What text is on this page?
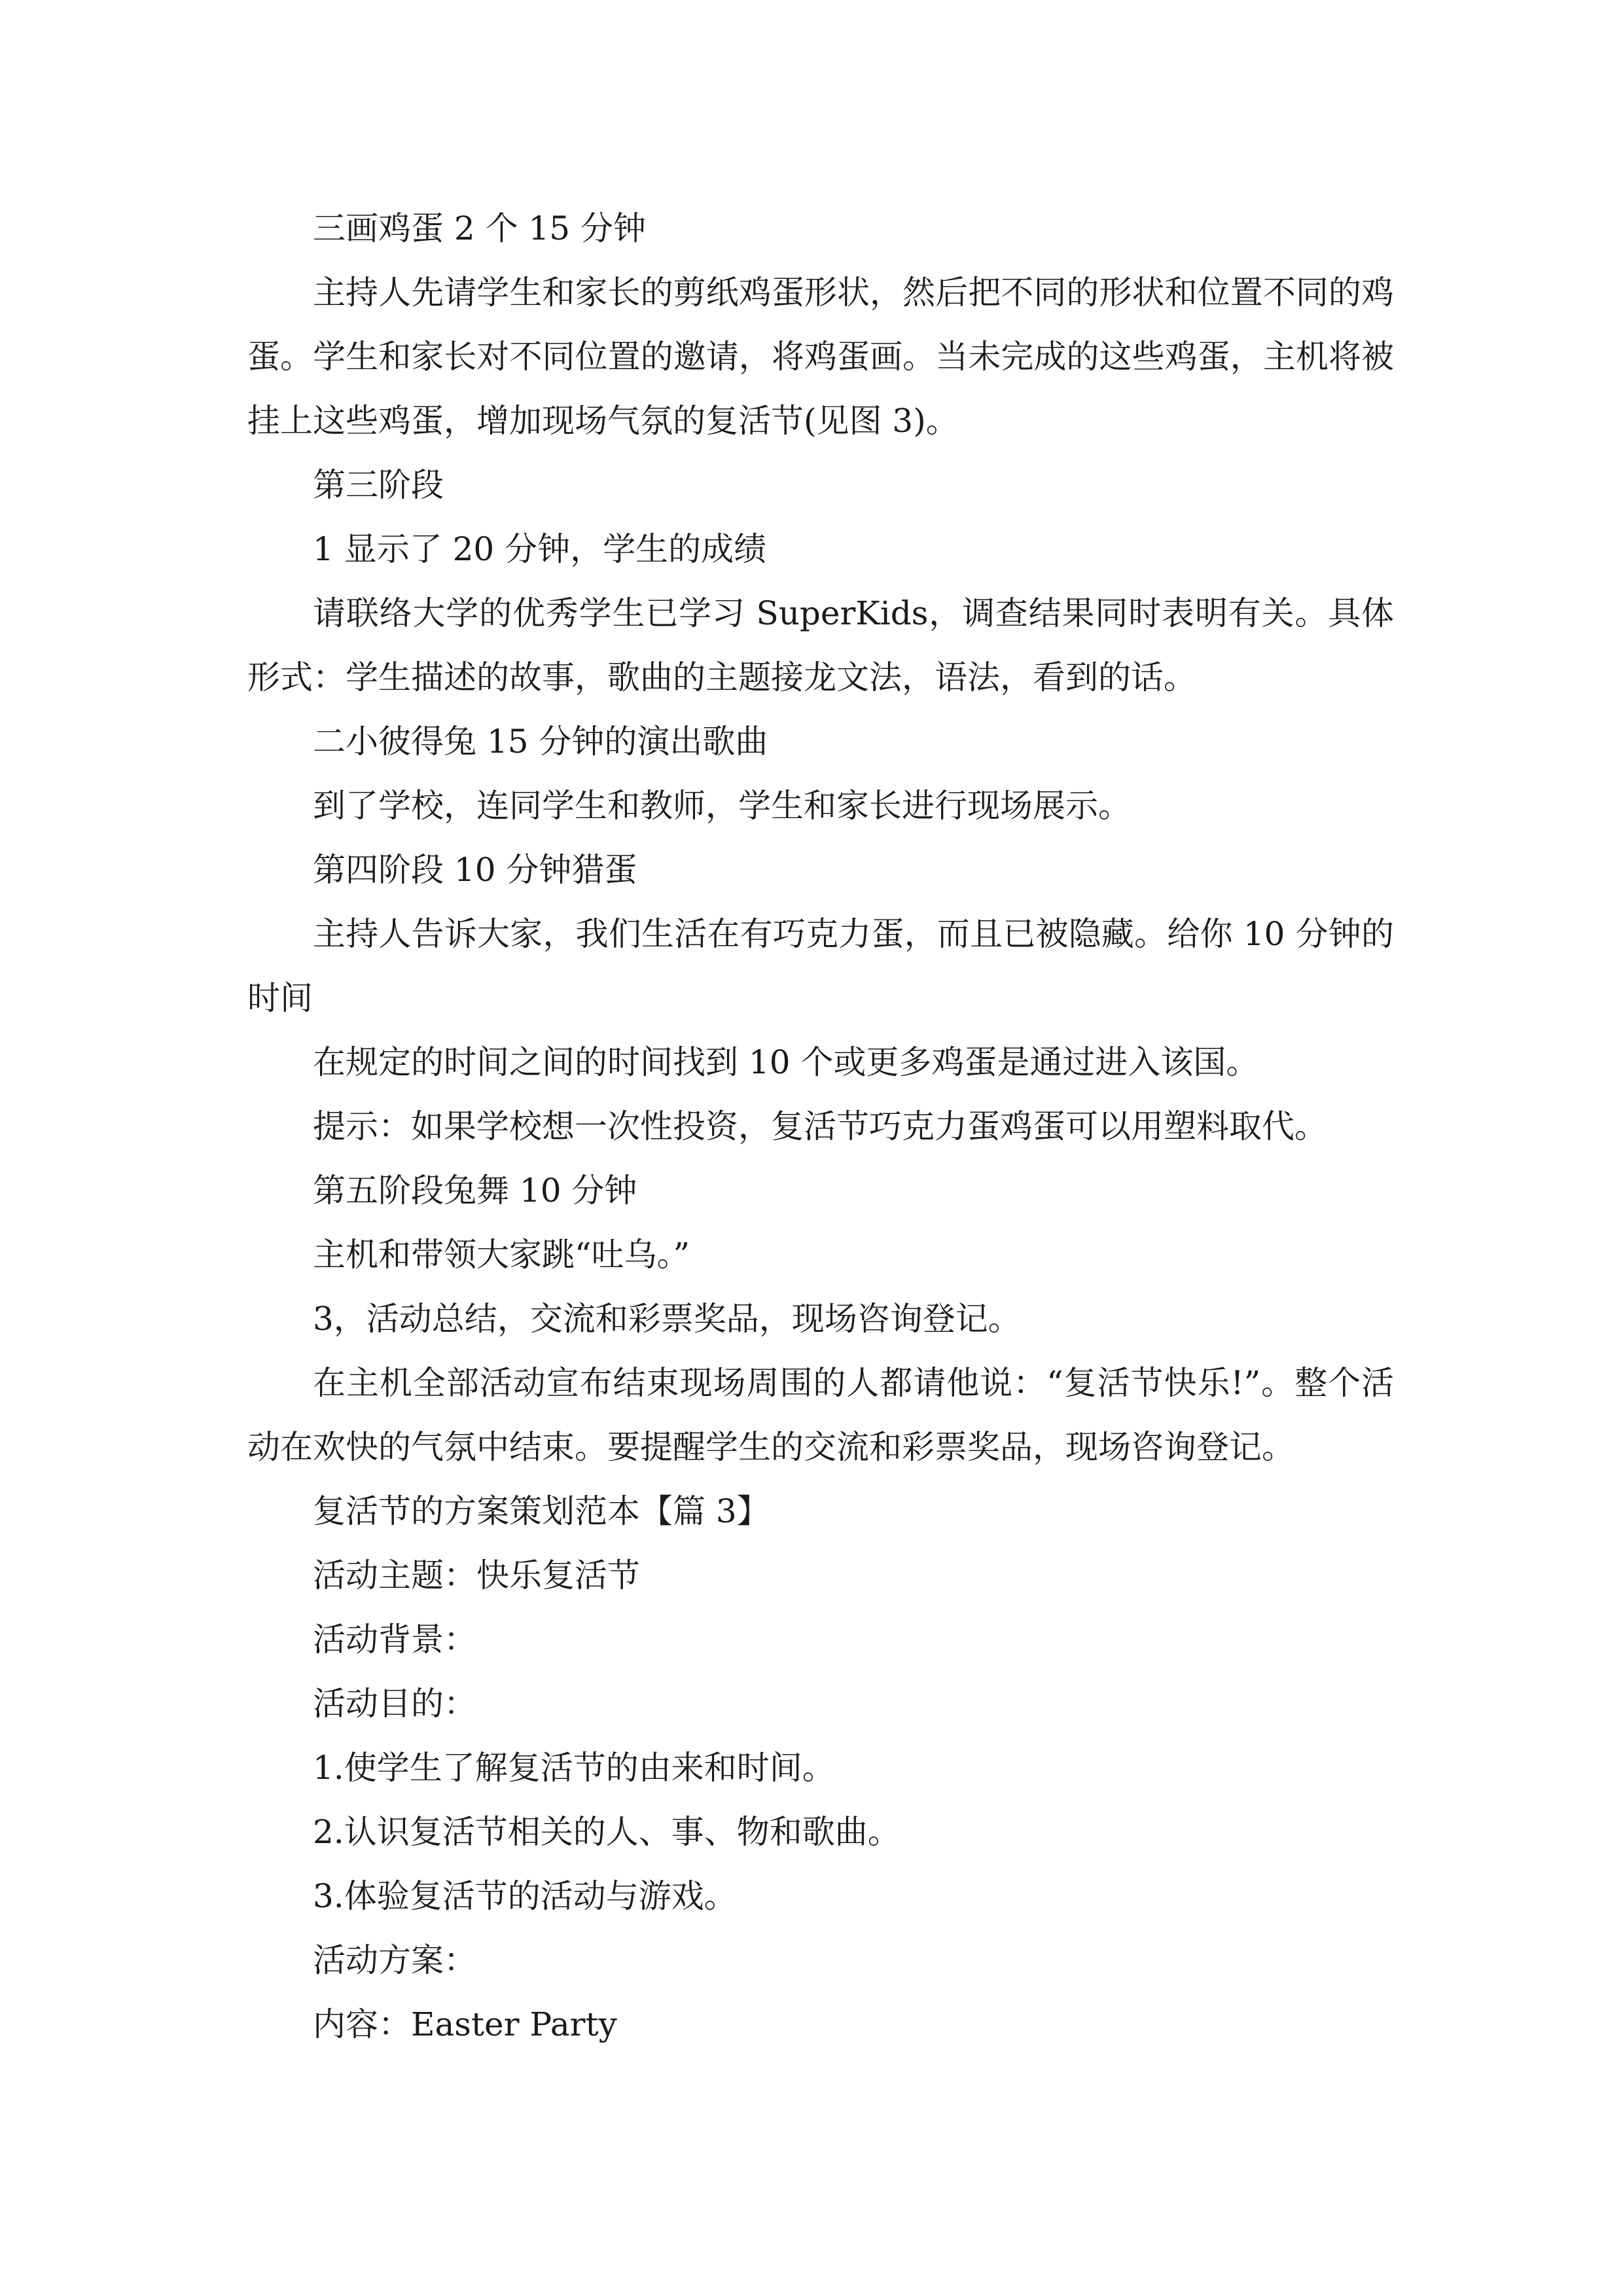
三画鸡蛋 2 个 15 分钟

主持人先请学生和家长的剪纸鸡蛋形状，然后把不同的形状和位置不同的鸡蛋。学生和家长对不同位置的邀请，将鸡蛋画。当未完成的这些鸡蛋，主机将被挂上这些鸡蛋，增加现场气氛的复活节(见图 3)。

第三阶段

1 显示了 20 分钟，学生的成绩

请联络大学的优秀学生已学习 SuperKids，调查结果同时表明有关。具体形式：学生描述的故事，歌曲的主题接龙文法，语法，看到的话。

二小彼得兔 15 分钟的演出歌曲

到了学校，连同学生和教师，学生和家长进行现场展示。

第四阶段 10 分钟猎蛋

主持人告诉大家，我们生活在有巧克力蛋，而且已被隐藏。给你 10 分钟的时间

在规定的时间之间的时间找到 10 个或更多鸡蛋是通过进入该国。

提示：如果学校想一次性投资，复活节巧克力蛋鸡蛋可以用塑料取代。

第五阶段兔舞 10 分钟

主机和带领大家跳“吐乌。”

3，活动总结，交流和彩票奖品，现场咨询登记。

在主机全部活动宣布结束现场周围的人都请他说：“复活节快乐!”。整个活动在欢快的气氛中结束。要提醒学生的交流和彩票奖品，现场咨询登记。

复活节的方案策划范本【篇 3】

活动主题：快乐复活节

活动背景：

活动目的：

1.使学生了解复活节的由来和时间。

2.认识复活节相关的人、事、物和歌曲。

3.体验复活节的活动与游戏。

活动方案：

内容：Easter Party
